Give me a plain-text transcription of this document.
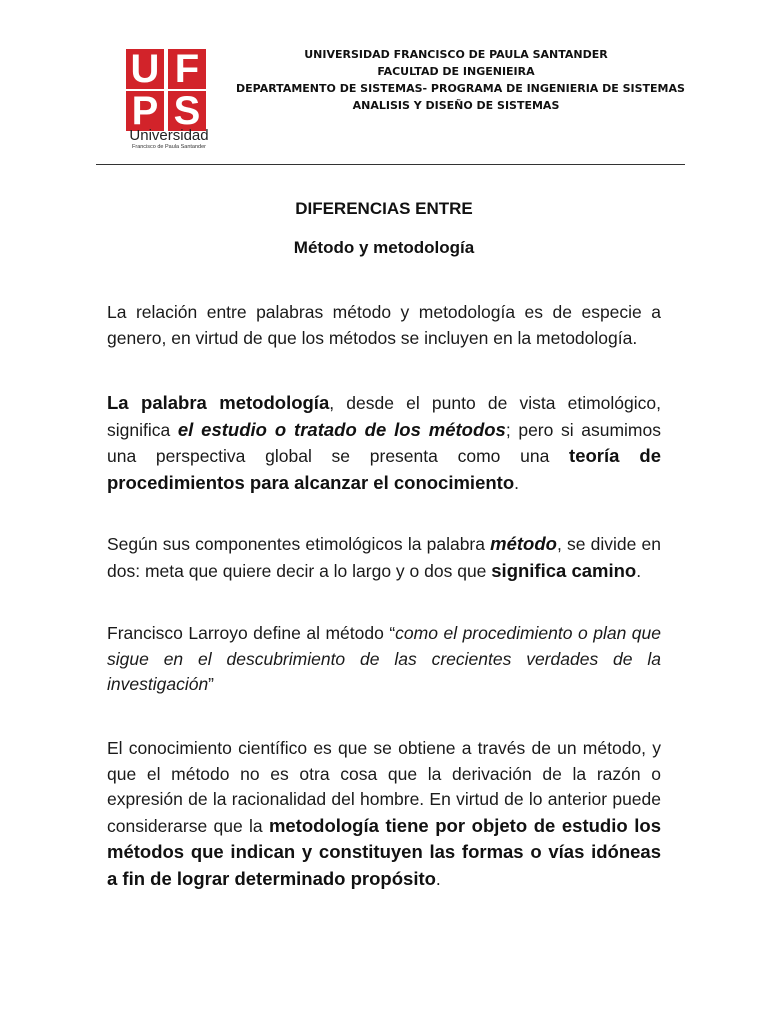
U F
P S
Universidad
Francisco de Paula Santander
UNIVERSIDAD FRANCISCO DE PAULA SANTANDER
FACULTAD DE INGENIEIRA
DEPARTAMENTO DE SISTEMAS- PROGRAMA DE INGENIERIA DE SISTEMAS
ANALISIS Y DISEÑO DE SISTEMAS
DIFERENCIAS ENTRE
Método y metodología

La relación entre palabras método y metodología es de especie a genero, en virtud de que los métodos se incluyen en la metodología.

La palabra metodología, desde el punto de vista etimológico, significa el estudio o tratado de los métodos; pero si asumimos una perspectiva global se presenta como una teoría de procedimientos para alcanzar el conocimiento.

Según sus componentes etimológicos la palabra método, se divide en dos: meta que quiere decir a lo largo y o dos que significa camino.

Francisco Larroyo define al método “como el procedimiento o plan que sigue en el descubrimiento de las crecientes verdades de la investigación”

El conocimiento científico es que se obtiene a través de un método, y que el método no es otra cosa que la derivación de la razón o expresión de la racionalidad del hombre. En virtud de lo anterior puede considerarse que la metodología tiene por objeto de estudio los métodos que indican y constituyen las formas o vías idóneas a fin de lograr determinado propósito.
